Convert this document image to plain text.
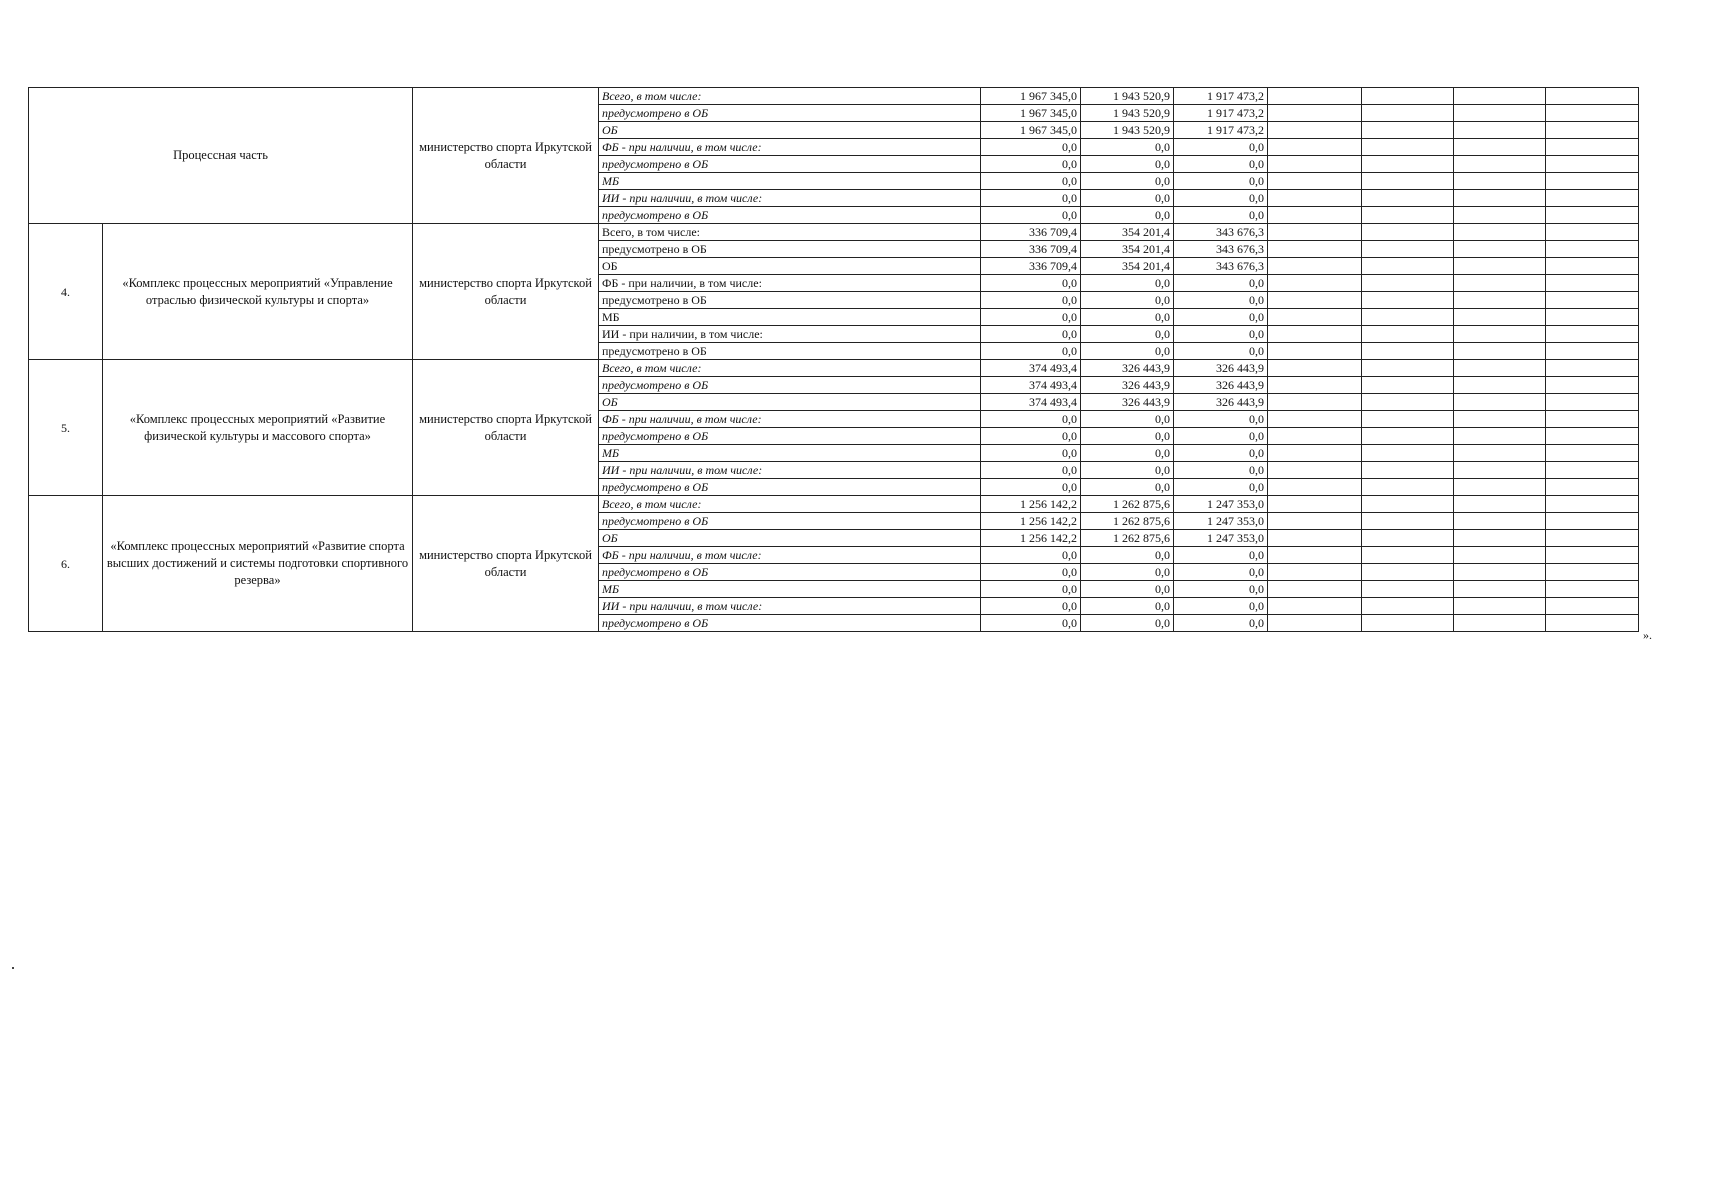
Процессная часть		министерство спорта Иркутской области	Всего, в том числе:	1 967 345,0	1 943 520,9	1 917 473,2				
			предусмотрено в ОБ	1 967 345,0	1 943 520,9	1 917 473,2				
			ОБ	1 967 345,0	1 943 520,9	1 917 473,2				
			ФБ - при наличии, в том числе:	0,0	0,0	0,0				
			предусмотрено в ОБ	0,0	0,0	0,0				
			МБ	0,0	0,0	0,0				
			ИИ - при наличии, в том числе:	0,0	0,0	0,0				
			предусмотрено в ОБ	0,0	0,0	0,0				
4.	«Комплекс процессных мероприятий «Управление отраслью физической культуры и спорта»	министерство спорта Иркутской области	Всего, в том числе:	336 709,4	354 201,4	343 676,3				
			предусмотрено в ОБ	336 709,4	354 201,4	343 676,3				
			ОБ	336 709,4	354 201,4	343 676,3				
			ФБ - при наличии, в том числе:	0,0	0,0	0,0				
			предусмотрено в ОБ	0,0	0,0	0,0				
			МБ	0,0	0,0	0,0				
			ИИ - при наличии, в том числе:	0,0	0,0	0,0				
			предусмотрено в ОБ	0,0	0,0	0,0				
5.	«Комплекс процессных мероприятий «Развитие физической культуры и массового спорта»	министерство спорта Иркутской области	Всего, в том числе:	374 493,4	326 443,9	326 443,9				
			предусмотрено в ОБ	374 493,4	326 443,9	326 443,9				
			ОБ	374 493,4	326 443,9	326 443,9				
			ФБ - при наличии, в том числе:	0,0	0,0	0,0				
			предусмотрено в ОБ	0,0	0,0	0,0				
			МБ	0,0	0,0	0,0				
			ИИ - при наличии, в том числе:	0,0	0,0	0,0				
			предусмотрено в ОБ	0,0	0,0	0,0				
6.	«Комплекс процессных мероприятий «Развитие спорта высших достижений и системы подготовки спортивного резерва»	министерство спорта Иркутской области	Всего, в том числе:	1 256 142,2	1 262 875,6	1 247 353,0				
			предусмотрено в ОБ	1 256 142,2	1 262 875,6	1 247 353,0				
			ОБ	1 256 142,2	1 262 875,6	1 247 353,0				
			ФБ - при наличии, в том числе:	0,0	0,0	0,0				
			предусмотрено в ОБ	0,0	0,0	0,0				
			МБ	0,0	0,0	0,0				
			ИИ - при наличии, в том числе:	0,0	0,0	0,0				
			предусмотрено в ОБ	0,0	0,0	0,0				
».
